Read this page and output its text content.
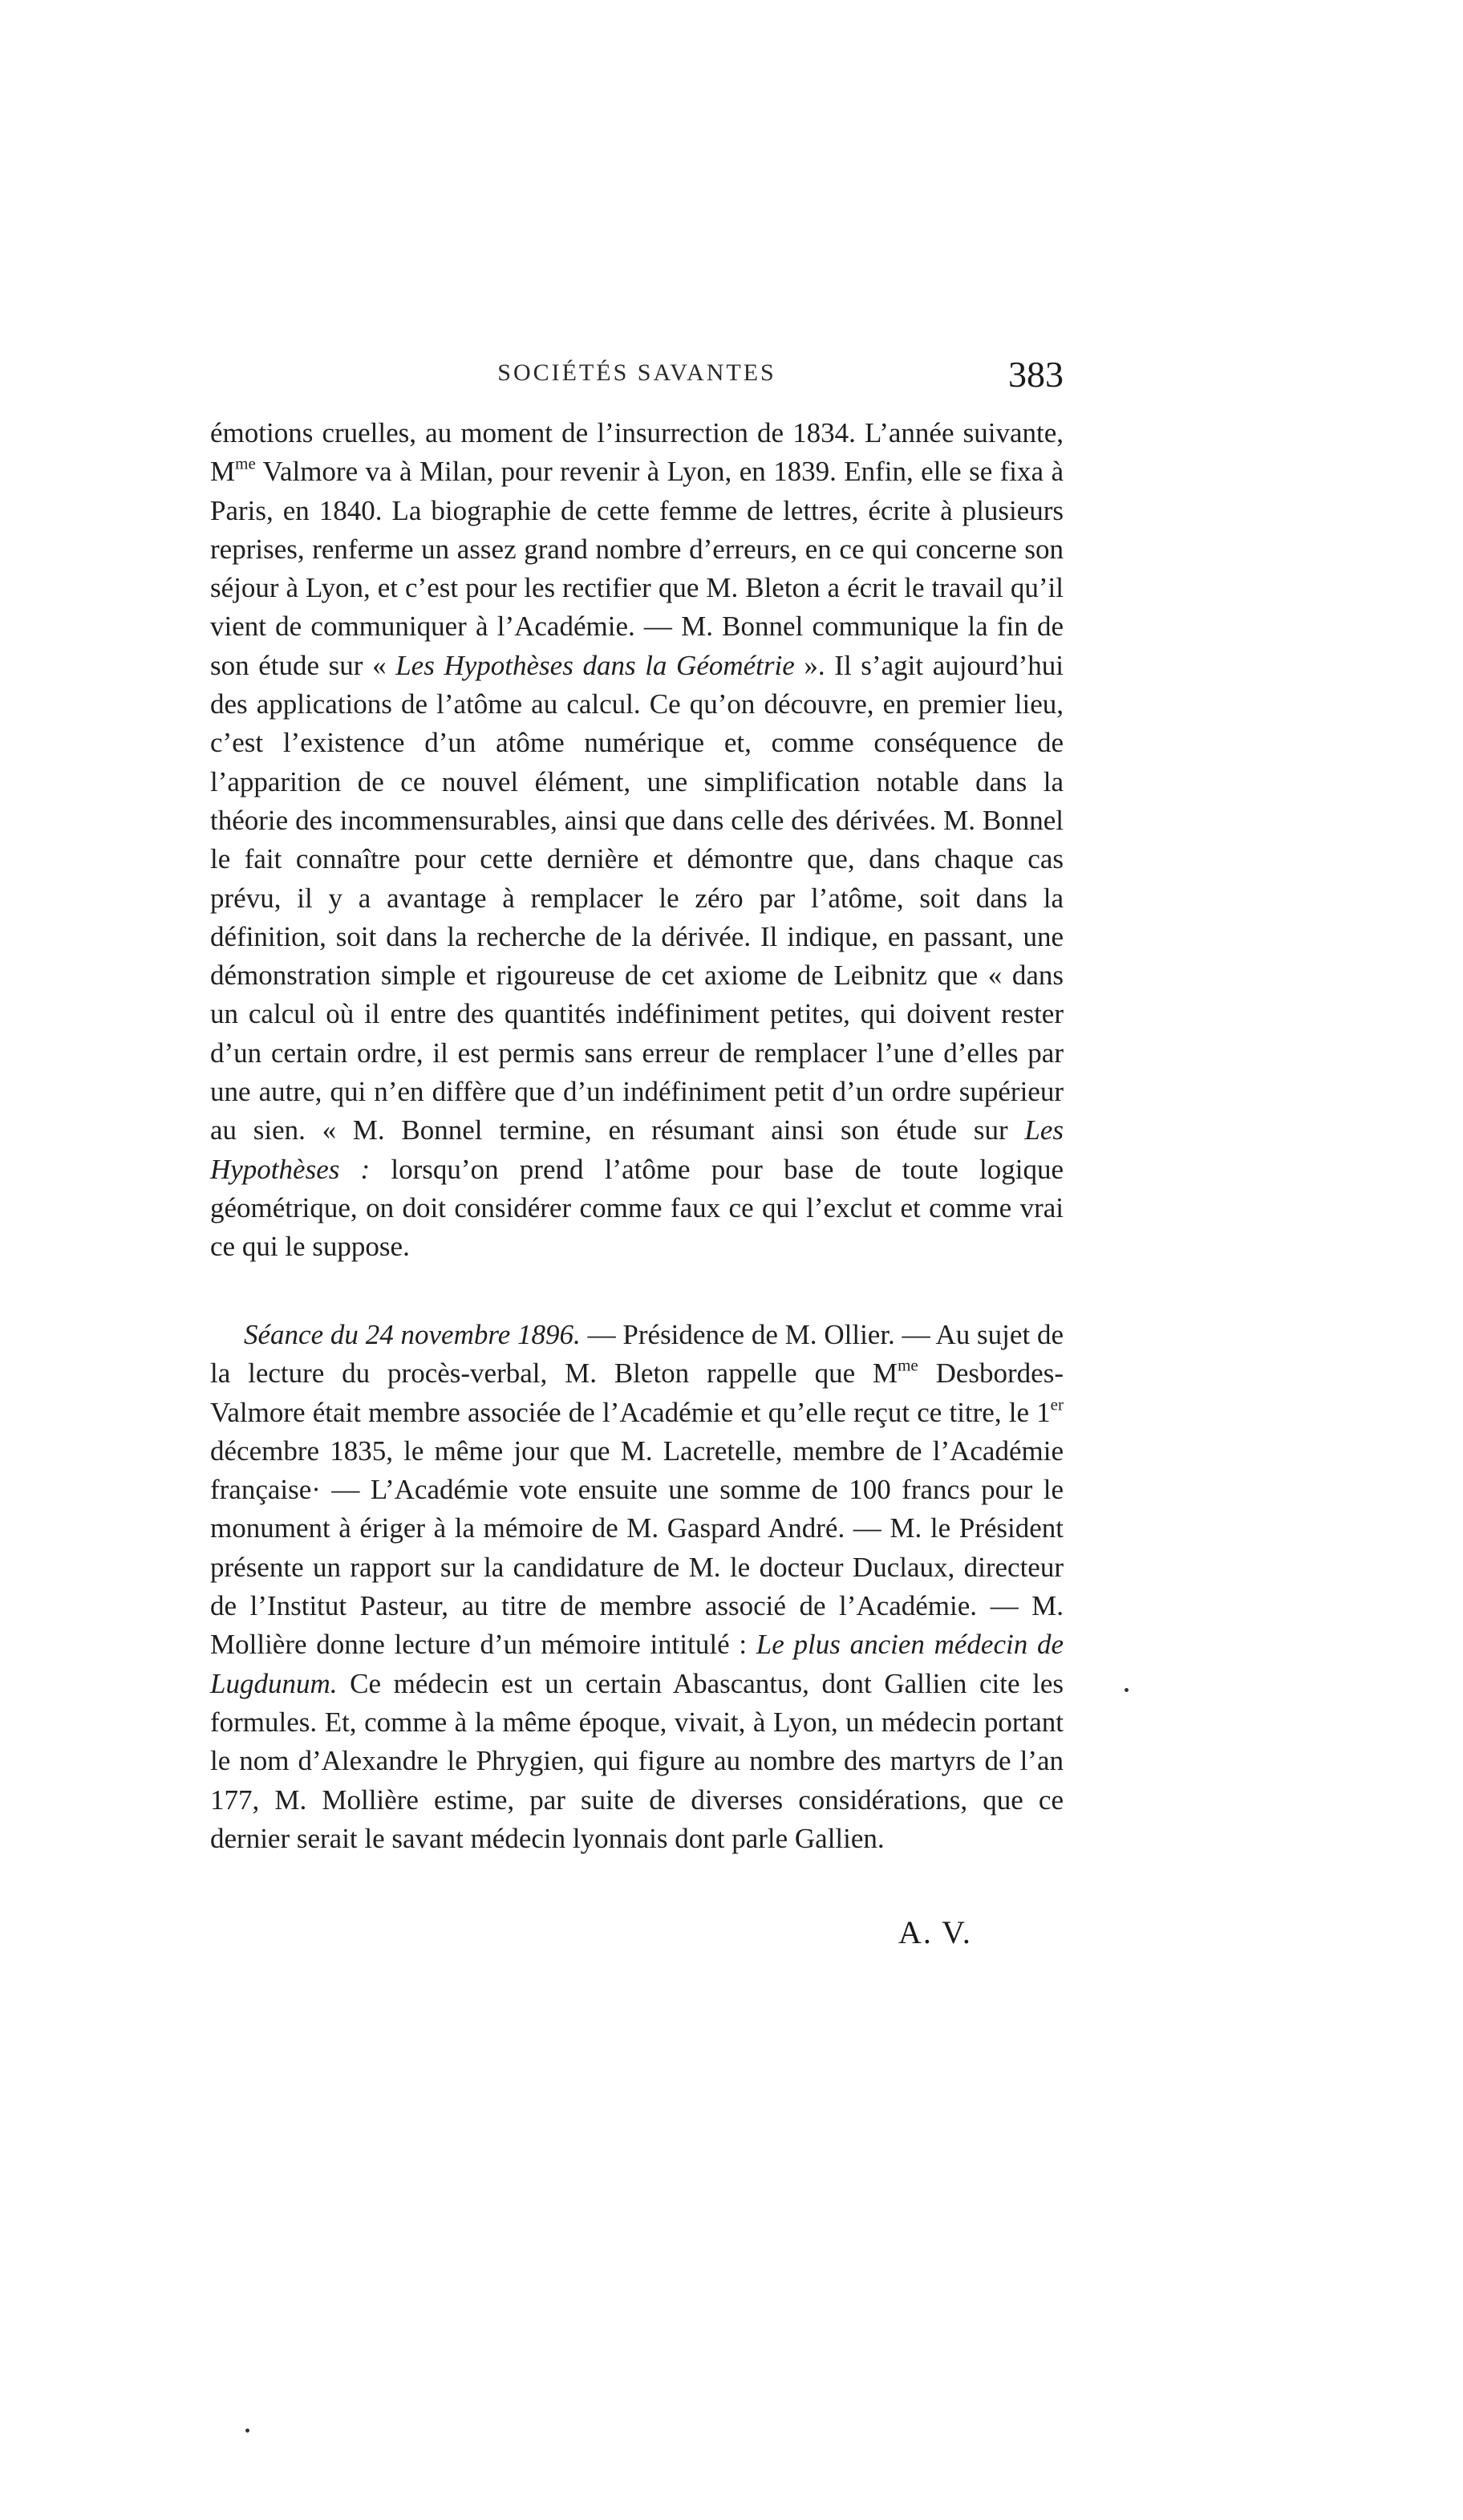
SOCIÉTÉS SAVANTES	383

émotions cruelles, au moment de l’insurrection de 1834. L’année suivante, $M^{me}$ Valmore va à Milan, pour revenir à Lyon, en 1839. Enfin, elle se fixa à Paris, en 1840. La biographie de cette femme de lettres, écrite à plusieurs reprises, renferme un assez grand nombre d’erreurs, en ce qui concerne son séjour à Lyon, et c’est pour les rectifier que M. Bleton a écrit le travail qu’il vient de communiquer à l’Académie. — M. Bonnel communique la fin de son étude sur « Les Hypothèses dans la Géométrie ». Il s’agit aujourd’hui des applications de l’atôme au calcul. Ce qu’on découvre, en premier lieu, c’est l’existence d’un atôme numérique et, comme conséquence de l’apparition de ce nouvel élément, une simplification notable dans la théorie des incommensurables, ainsi que dans celle des dérivées. M. Bonnel le fait connaître pour cette dernière et démontre que, dans chaque cas prévu, il y a avantage à remplacer le zéro par l’atôme, soit dans la définition, soit dans la recherche de la dérivée. Il indique, en passant, une démonstration simple et rigoureuse de cet axiome de Leibnitz que « dans un calcul où il entre des quantités indéfiniment petites, qui doivent rester d’un certain ordre, il est permis sans erreur de remplacer l’une d’elles par une autre, qui n’en diffère que d’un indéfiniment petit d’un ordre supérieur au sien. « M. Bonnel termine, en résumant ainsi son étude sur Les Hypothèses : lorsqu’on prend l’atôme pour base de toute logique géométrique, on doit considérer comme faux ce qui l’exclut et comme vrai ce qui le suppose.

Séance du 24 novembre 1896. — Présidence de M. Ollier. — Au sujet de la lecture du procès-verbal, M. Bleton rappelle que $M^{me}$ Desbordes-Valmore était membre associée de l’Académie et qu’elle reçut ce titre, le 1er décembre 1835, le même jour que M. Lacretelle, membre de l’Académie française· — L’Académie vote ensuite une somme de 100 francs pour le monument à ériger à la mémoire de M. Gaspard André. — M. le Président présente un rapport sur la candidature de M. le docteur Duclaux, directeur de l’Institut Pasteur, au titre de membre associé de l’Académie. — M. Mollière donne lecture d’un mémoire intitulé : Le plus ancien médecin de Lugdunum. Ce médecin est un certain Abascantus, dont Gallien cite les formules. Et, comme à la même époque, vivait, à Lyon, un médecin portant le nom d’Alexandre le Phrygien, qui figure au nombre des martyrs de l’an 177, M. Mollière estime, par suite de diverses considérations, que ce dernier serait le savant médecin lyonnais dont parle Gallien.

A. V.
